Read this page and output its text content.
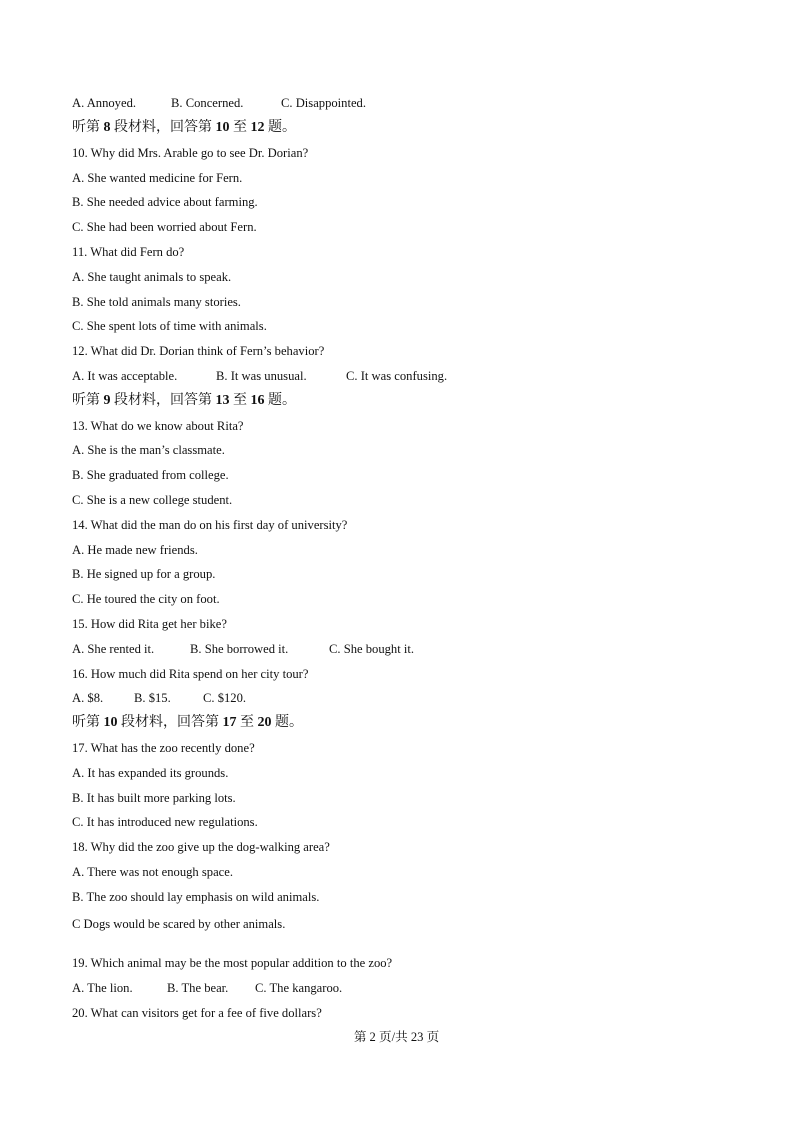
A. Annoyed.	B. Concerned.	C. Disappointed.
听第 8 段材料，回答第 10 至 12 题。
10. Why did Mrs. Arable go to see Dr. Dorian?
A. She wanted medicine for Fern.
B. She needed advice about farming.
C. She had been worried about Fern.
11. What did Fern do?
A. She taught animals to speak.
B. She told animals many stories.
C. She spent lots of time with animals.
12. What did Dr. Dorian think of Fern’s behavior?
A. It was acceptable.	B. It was unusual.	C. It was confusing.
听第 9 段材料，回答第 13 至 16 题。
13. What do we know about Rita?
A. She is the man’s classmate.
B. She graduated from college.
C. She is a new college student.
14. What did the man do on his first day of university?
A. He made new friends.
B. He signed up for a group.
C. He toured the city on foot.
15. How did Rita get her bike?
A. She rented it.	B. She borrowed it.	C. She bought it.
16. How much did Rita spend on her city tour?
A. $8. B. $15.	C. $120.
听第 10 段材料，回答第 17 至 20 题。
17. What has the zoo recently done?
A. It has expanded its grounds.
B. It has built more parking lots.
C. It has introduced new regulations.
18. Why did the zoo give up the dog-walking area?
A. There was not enough space.
B. The zoo should lay emphasis on wild animals.
C Dogs would be scared by other animals.
19. Which animal may be the most popular addition to the zoo?
A. The lion.	B. The bear. C. The kangaroo.
20. What can visitors get for a fee of five dollars?
第 2 页/共 23 页
